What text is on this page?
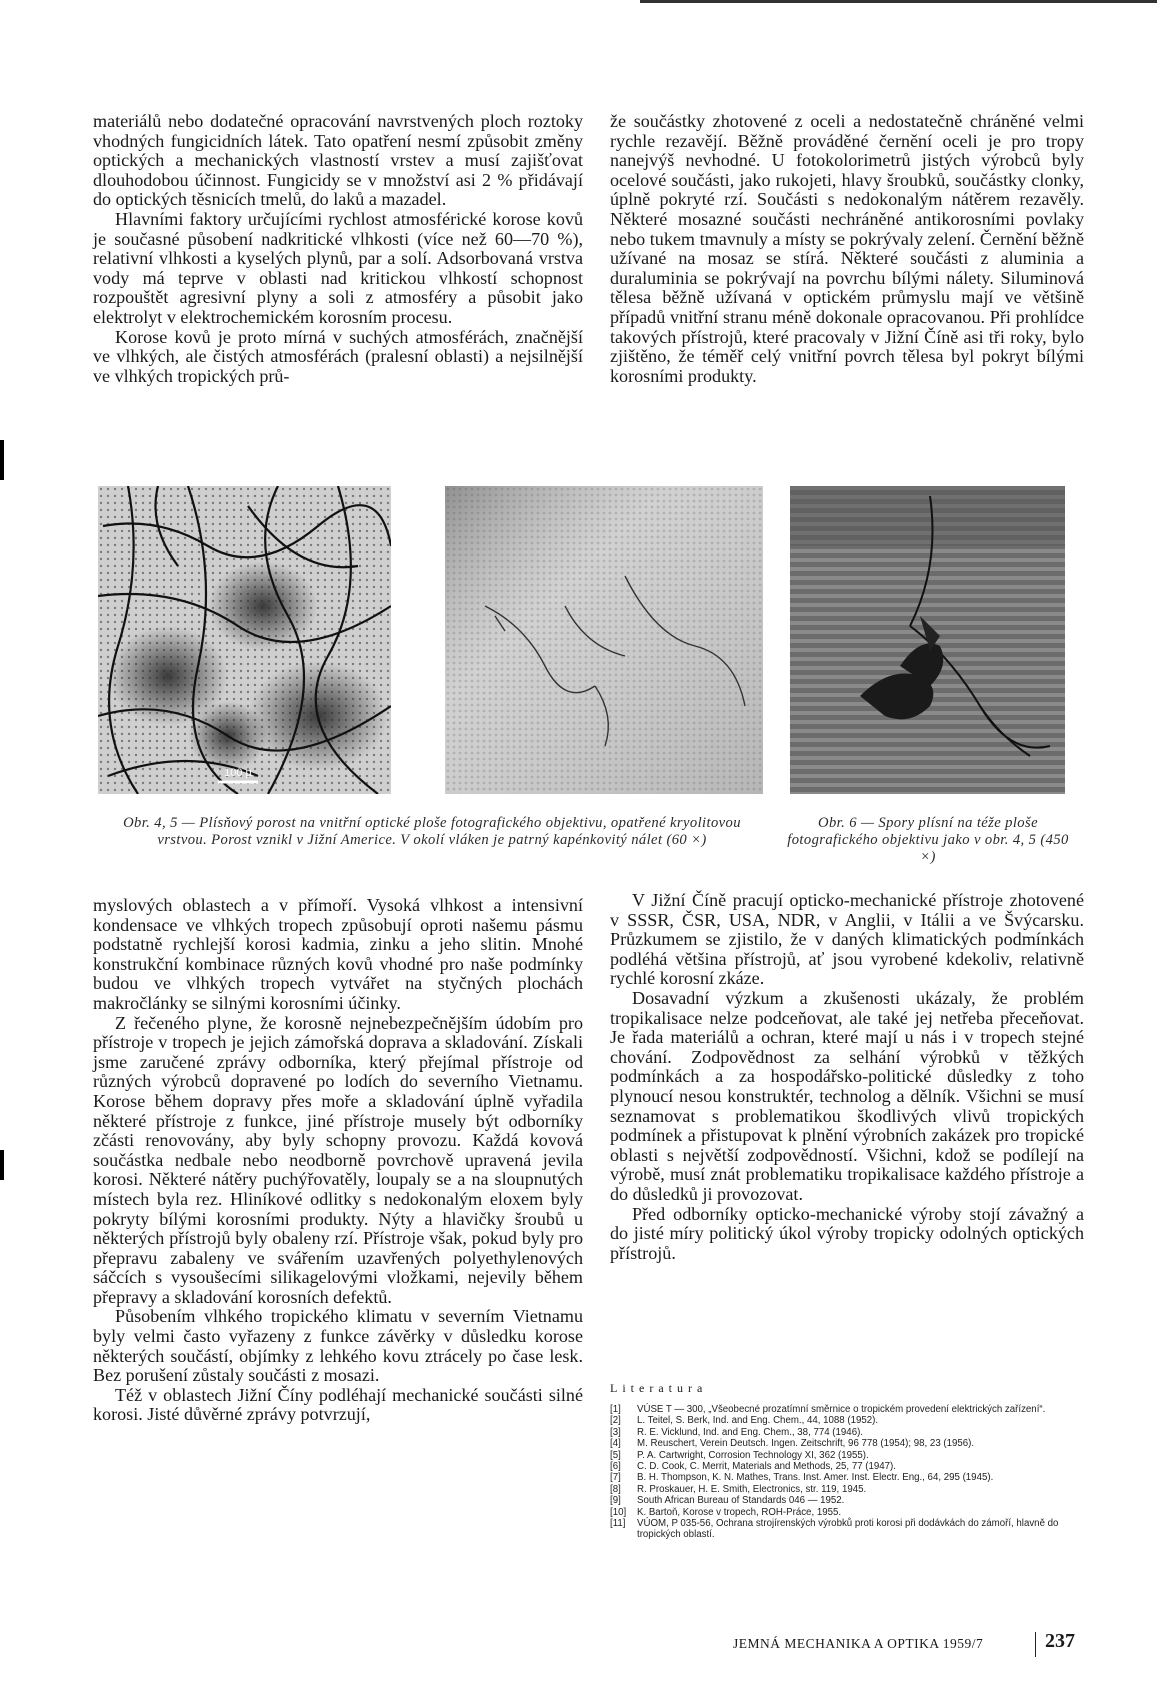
materiálů nebo dodatečné opracování navrstvených ploch roztoky vhodných fungicidních látek. Tato opatření nesmí způsobit změny optických a mechanických vlastností vrstev a musí zajišťovat dlouhodobou účinnost. Fungicidy se v množství asi 2 % přidávají do optických těsnicích tmelů, do laků a mazadel.

Hlavními faktory určujícími rychlost atmosférické korose kovů je současné působení nadkritické vlhkosti (více než 60—70 %), relativní vlhkosti a kyselých plynů, par a solí. Adsorbovaná vrstva vody má teprve v oblasti nad kritickou vlhkostí schopnost rozpouštět agresivní plyny a soli z atmosféry a působit jako elektrolyt v elektrochemickém korosním procesu.

Korose kovů je proto mírná v suchých atmosférách, značnější ve vlhkých, ale čistých atmosférách (pralesní oblasti) a nejsilnější ve vlhkých tropických prů-

že součástky zhotovené z oceli a nedostatečně chráněné velmi rychle rezavějí. Běžně prováděné černění oceli je pro tropy nanejvýš nevhodné. U fotokolorimetrů jistých výrobců byly ocelové součásti, jako rukojeti, hlavy šroubků, součástky clonky, úplně pokryté rzí. Součásti s nedokonalým nátěrem rezavěly. Některé mosazné součásti nechráněné antikorosními povlaky nebo tukem tmavnuly a místy se pokrývaly zelení. Černění běžně užívané na mosaz se stírá. Některé součásti z aluminia a duraluminia se pokrývají na povrchu bílými nálety. Siluminová tělesa běžně užívaná v optickém průmyslu mají ve většině případů vnitřní stranu méně dokonale opracovanou. Při prohlídce takových přístrojů, které pracovaly v Jižní Číně asi tři roky, bylo zjištěno, že téměř celý vnitřní povrch tělesa byl pokryt bílými korosními produkty.

100 µ
Obr. 4, 5 — Plísňový porost na vnitřní optické ploše fotografického objektivu, opatřené kryolitovou vrstvou. Porost vznikl v Jižní Americe. V okolí vláken je patrný kapénkovitý nálet (60 ×)
Obr. 6 — Spory plísní na téže ploše fotografického objektivu jako v obr. 4, 5 (450 ×)

myslových oblastech a v přímoří. Vysoká vlhkost a intensivní kondensace ve vlhkých tropech způsobují oproti našemu pásmu podstatně rychlejší korosi kadmia, zinku a jeho slitin. Mnohé konstrukční kombinace různých kovů vhodné pro naše podmínky budou ve vlhkých tropech vytvářet na styčných plochách makročlánky se silnými korosními účinky.

Z řečeného plyne, že korosně nejnebezpečnějším údobím pro přístroje v tropech je jejich zámořská doprava a skladování. Získali jsme zaručené zprávy odborníka, který přejímal přístroje od různých výrobců dopravené po lodích do severního Vietnamu. Korose během dopravy přes moře a skladování úplně vyřadila některé přístroje z funkce, jiné přístroje musely být odborníky zčásti renovovány, aby byly schopny provozu. Každá kovová součástka nedbale nebo neodborně povrchově upravená jevila korosi. Některé nátěry puchýřovatěly, loupaly se a na sloupnutých místech byla rez. Hliníkové odlitky s nedokonalým eloxem byly pokryty bílými korosními produkty. Nýty a hlavičky šroubů u některých přístrojů byly obaleny rzí. Přístroje však, pokud byly pro přepravu zabaleny ve svářením uzavřených polyethylenových sáčcích s vysoušecími silikagelovými vložkami, nejevily během přepravy a skladování korosních defektů.

Působením vlhkého tropického klimatu v severním Vietnamu byly velmi často vyřazeny z funkce závěrky v důsledku korose některých součástí, objímky z lehkého kovu ztrácely po čase lesk. Bez porušení zůstaly součásti z mosazi.

Též v oblastech Jižní Číny podléhají mechanické součásti silné korosi. Jisté důvěrné zprávy potvrzují,

V Jižní Číně pracují opticko-mechanické přístroje zhotovené v SSSR, ČSR, USA, NDR, v Anglii, v Itálii a ve Švýcarsku. Průzkumem se zjistilo, že v daných klimatických podmínkách podléhá většina přístrojů, ať jsou vyrobené kdekoliv, relativně rychlé korosní zkáze.

Dosavadní výzkum a zkušenosti ukázaly, že problém tropikalisace nelze podceňovat, ale také jej netřeba přeceňovat. Je řada materiálů a ochran, které mají u nás i v tropech stejné chování. Zodpovědnost za selhání výrobků v těžkých podmínkách a za hospodářsko-politické důsledky z toho plynoucí nesou konstruktér, technolog a dělník. Všichni se musí seznamovat s problematikou škodlivých vlivů tropických podmínek a přistupovat k plnění výrobních zakázek pro tropické oblasti s největší zodpovědností. Všichni, kdož se podílejí na výrobě, musí znát problematiku tropikalisace každého přístroje a do důsledků ji provozovat.

Před odborníky opticko-mechanické výroby stojí závažný a do jisté míry politický úkol výroby tropicky odolných optických přístrojů.

Literatura
[1] VÚSE T — 300, „Všeobecné prozatímní směrnice o tropickém provedení elektrických zařízení“.
[2] L. Teitel, S. Berk, Ind. and Eng. Chem., 44, 1088 (1952).
[3] R. E. Vicklund, Ind. and Eng. Chem., 38, 774 (1946).
[4] M. Reuschert, Verein Deutsch. Ingen. Zeitschrift, 96 778 (1954); 98, 23 (1956).
[5] P. A. Cartwright, Corrosion Technology XI, 362 (1955).
[6] C. D. Cook, C. Merrit, Materials and Methods, 25, 77 (1947).
[7] B. H. Thompson, K. N. Mathes, Trans. Inst. Amer. Inst. Electr. Eng., 64, 295 (1945).
[8] R. Proskauer, H. E. Smith, Electronics, str. 119, 1945.
[9] South African Bureau of Standards 046 — 1952.
[10] K. Bartoň, Korose v tropech, ROH-Práce, 1955.
[11] VÚOM, P 035-56, Ochrana strojírenských výrobků proti korosi při dodávkách do zámoří, hlavně do tropických oblastí.
JEMNÁ MECHANIKA A OPTIKA 1959/7	237
